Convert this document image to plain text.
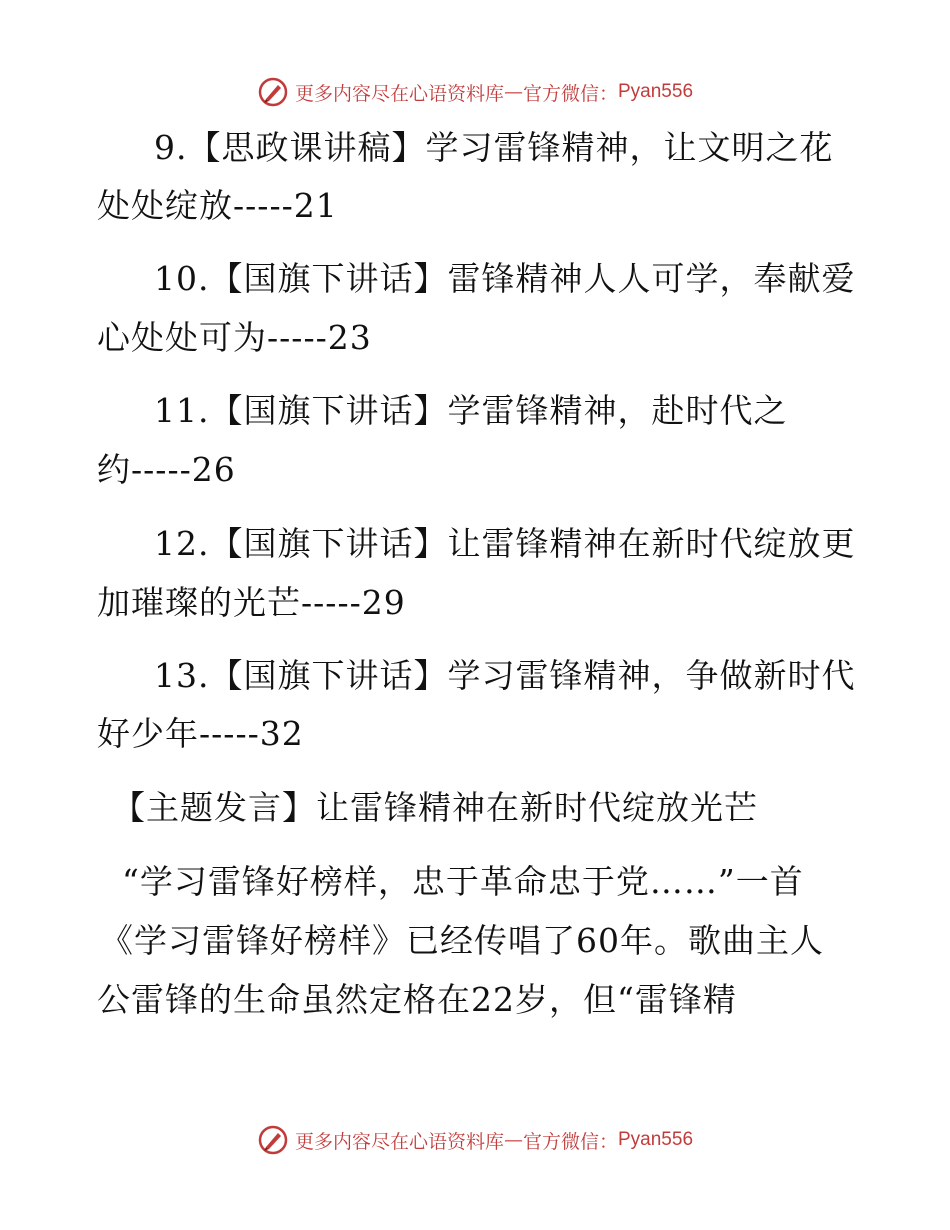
更多内容尽在心语资料库 — 官方微信： Pyan556
9.【思政课讲稿】学习雷锋精神，让文明之花
处处绽放-----21
10.【国旗下讲话】雷锋精神人人可学，奉献爱
心处处可为-----23
11.【国旗下讲话】学雷锋精神，赴时代之
约-----26
12.【国旗下讲话】让雷锋精神在新时代绽放更
加璀璨的光芒-----29
13.【国旗下讲话】学习雷锋精神，争做新时代
好少年-----32
【主题发言】让雷锋精神在新时代绽放光芒
“学习雷锋好榜样，忠于革命忠于党……”一首
《学习雷锋好榜样》已经传唱了60年。歌曲主人
公雷锋的生命虽然定格在22岁，但“雷锋精
更多内容尽在心语资料库 — 官方微信： Pyan556
